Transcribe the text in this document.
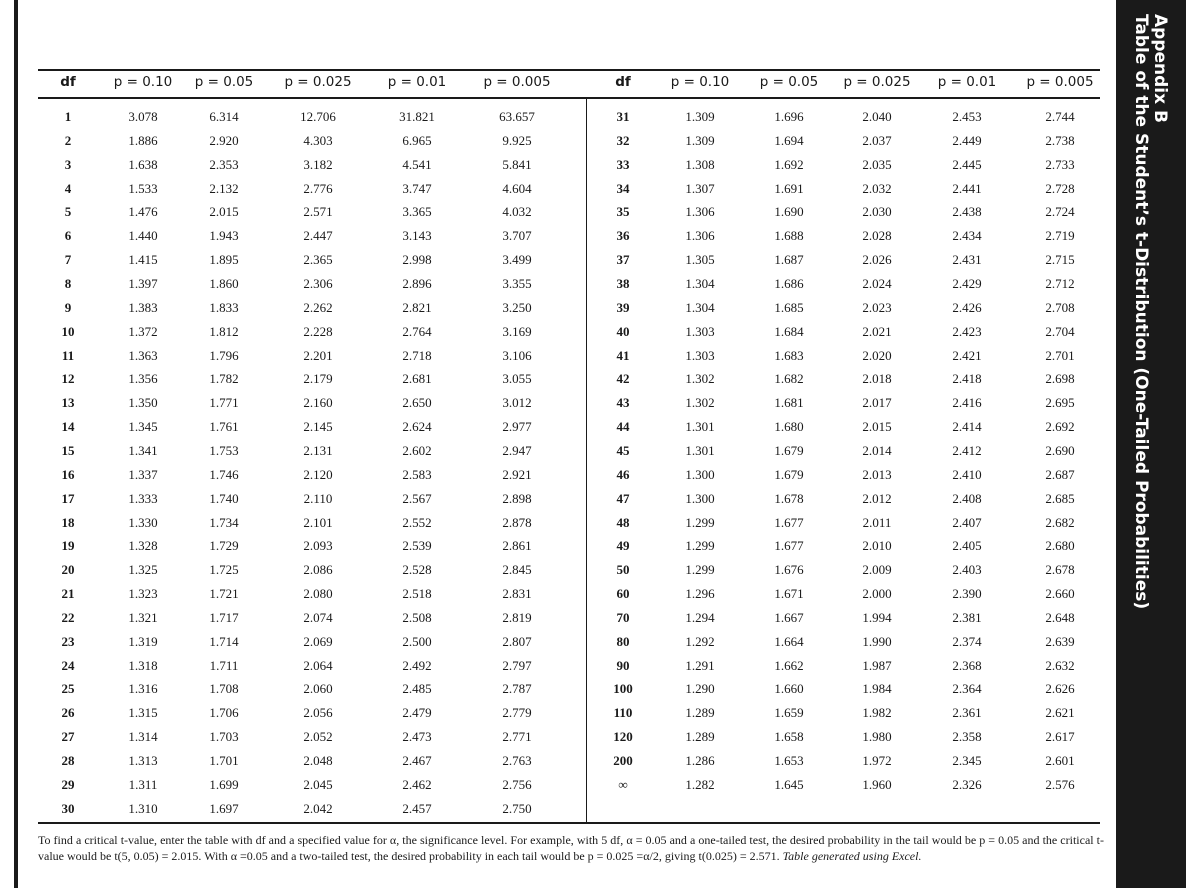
Appendix B
Table of the Student’s t-Distribution (One-Tailed Probabilities)
df	p = 0.10	p = 0.05	p = 0.025	p = 0.01	p = 0.005	df	p = 0.10	p = 0.05	p = 0.025	p = 0.01	p = 0.005
1	3.078	6.314	12.706	31.821	63.657
2	1.886	2.920	4.303	6.965	9.925
3	1.638	2.353	3.182	4.541	5.841
4	1.533	2.132	2.776	3.747	4.604
5	1.476	2.015	2.571	3.365	4.032
6	1.440	1.943	2.447	3.143	3.707
7	1.415	1.895	2.365	2.998	3.499
8	1.397	1.860	2.306	2.896	3.355
9	1.383	1.833	2.262	2.821	3.250
10	1.372	1.812	2.228	2.764	3.169
11	1.363	1.796	2.201	2.718	3.106
12	1.356	1.782	2.179	2.681	3.055
13	1.350	1.771	2.160	2.650	3.012
14	1.345	1.761	2.145	2.624	2.977
15	1.341	1.753	2.131	2.602	2.947
16	1.337	1.746	2.120	2.583	2.921
17	1.333	1.740	2.110	2.567	2.898
18	1.330	1.734	2.101	2.552	2.878
19	1.328	1.729	2.093	2.539	2.861
20	1.325	1.725	2.086	2.528	2.845
21	1.323	1.721	2.080	2.518	2.831
22	1.321	1.717	2.074	2.508	2.819
23	1.319	1.714	2.069	2.500	2.807
24	1.318	1.711	2.064	2.492	2.797
25	1.316	1.708	2.060	2.485	2.787
26	1.315	1.706	2.056	2.479	2.779
27	1.314	1.703	2.052	2.473	2.771
28	1.313	1.701	2.048	2.467	2.763
29	1.311	1.699	2.045	2.462	2.756
30	1.310	1.697	2.042	2.457	2.750
31	1.309	1.696	2.040	2.453	2.744
32	1.309	1.694	2.037	2.449	2.738
33	1.308	1.692	2.035	2.445	2.733
34	1.307	1.691	2.032	2.441	2.728
35	1.306	1.690	2.030	2.438	2.724
36	1.306	1.688	2.028	2.434	2.719
37	1.305	1.687	2.026	2.431	2.715
38	1.304	1.686	2.024	2.429	2.712
39	1.304	1.685	2.023	2.426	2.708
40	1.303	1.684	2.021	2.423	2.704
41	1.303	1.683	2.020	2.421	2.701
42	1.302	1.682	2.018	2.418	2.698
43	1.302	1.681	2.017	2.416	2.695
44	1.301	1.680	2.015	2.414	2.692
45	1.301	1.679	2.014	2.412	2.690
46	1.300	1.679	2.013	2.410	2.687
47	1.300	1.678	2.012	2.408	2.685
48	1.299	1.677	2.011	2.407	2.682
49	1.299	1.677	2.010	2.405	2.680
50	1.299	1.676	2.009	2.403	2.678
60	1.296	1.671	2.000	2.390	2.660
70	1.294	1.667	1.994	2.381	2.648
80	1.292	1.664	1.990	2.374	2.639
90	1.291	1.662	1.987	2.368	2.632
100	1.290	1.660	1.984	2.364	2.626
110	1.289	1.659	1.982	2.361	2.621
120	1.289	1.658	1.980	2.358	2.617
200	1.286	1.653	1.972	2.345	2.601
∞	1.282	1.645	1.960	2.326	2.576
To find a critical t-value, enter the table with df and a specified value for α, the significance level. For example, with 5 df, α = 0.05 and a one-tailed test, the desired probability in the tail would be p = 0.05 and the critical t-value would be t(5, 0.05) = 2.015. With α =0.05 and a two-tailed test, the desired probability in each tail would be p = 0.025 =α/2, giving t(0.025) = 2.571. Table generated using Excel.
